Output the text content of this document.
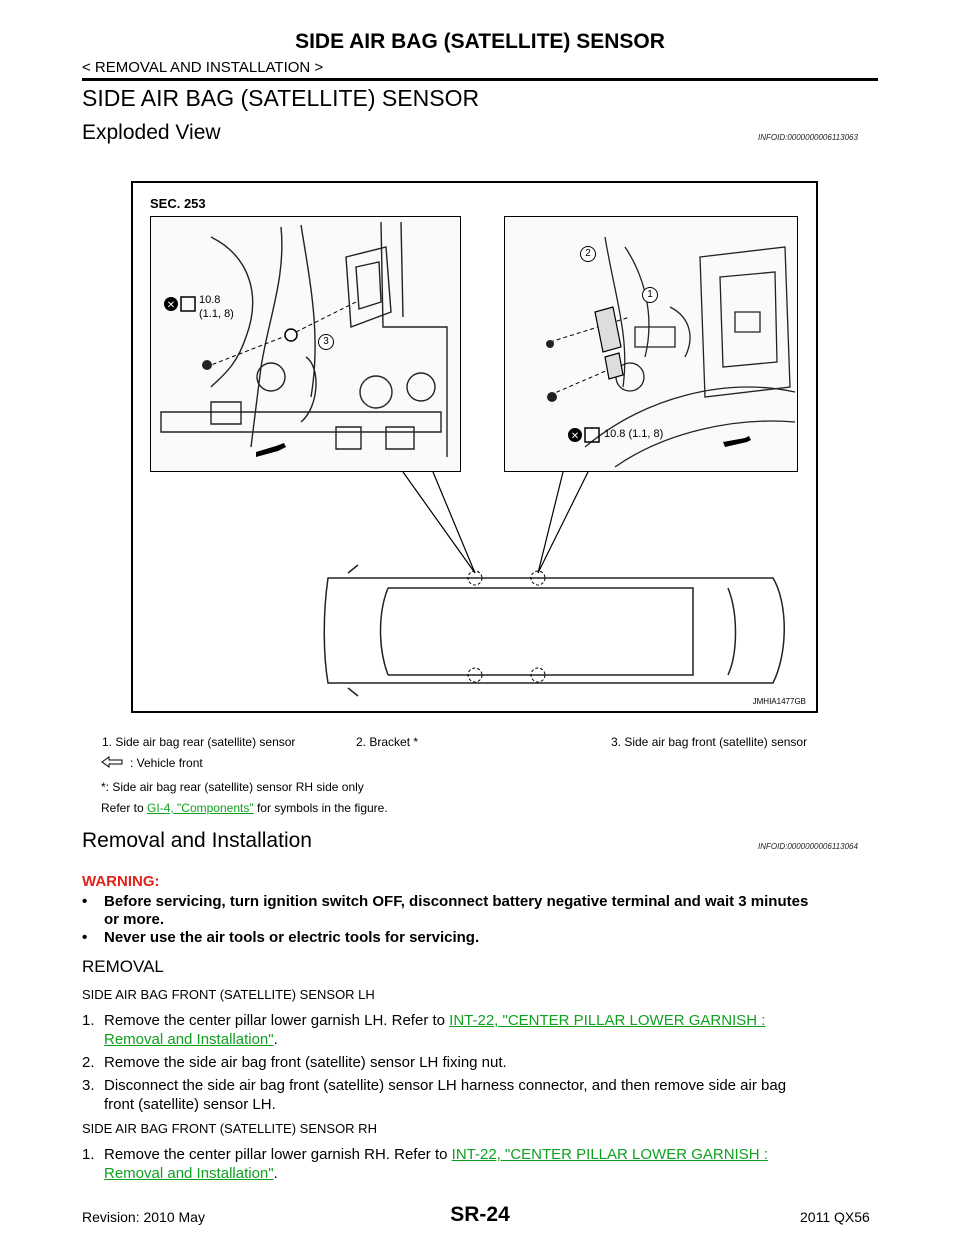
SIDE AIR BAG (SATELLITE) SENSOR
< REMOVAL AND INSTALLATION >
SIDE AIR BAG (SATELLITE) SENSOR
Exploded View	INFOID:0000000006113063
SEC. 253
✕ 10.8
(1.1, 8)
3
✕
2
1
10.8 (1.1, 8)
JMHIA1477GB
1. Side air bag rear (satellite) sensor	2. Bracket *	3. Side air bag front (satellite) sensor
: Vehicle front
*: Side air bag rear (satellite) sensor RH side only
Refer to GI-4, "Components" for symbols in the figure.
Removal and Installation	INFOID:0000000006113064
WARNING:
• Before servicing, turn ignition switch OFF, disconnect battery negative terminal and wait 3 minutes
or more.
• Never use the air tools or electric tools for servicing.
REMOVAL
SIDE AIR BAG FRONT (SATELLITE) SENSOR LH
1. Remove the center pillar lower garnish LH. Refer to INT-22, "CENTER PILLAR LOWER GARNISH :
Removal and Installation".
2. Remove the side air bag front (satellite) sensor LH fixing nut.
3. Disconnect the side air bag front (satellite) sensor LH harness connector, and then remove side air bag
front (satellite) sensor LH.
SIDE AIR BAG FRONT (SATELLITE) SENSOR RH
1. Remove the center pillar lower garnish RH. Refer to INT-22, "CENTER PILLAR LOWER GARNISH :
Removal and Installation".
Revision: 2010 May	SR-24	2011 QX56
